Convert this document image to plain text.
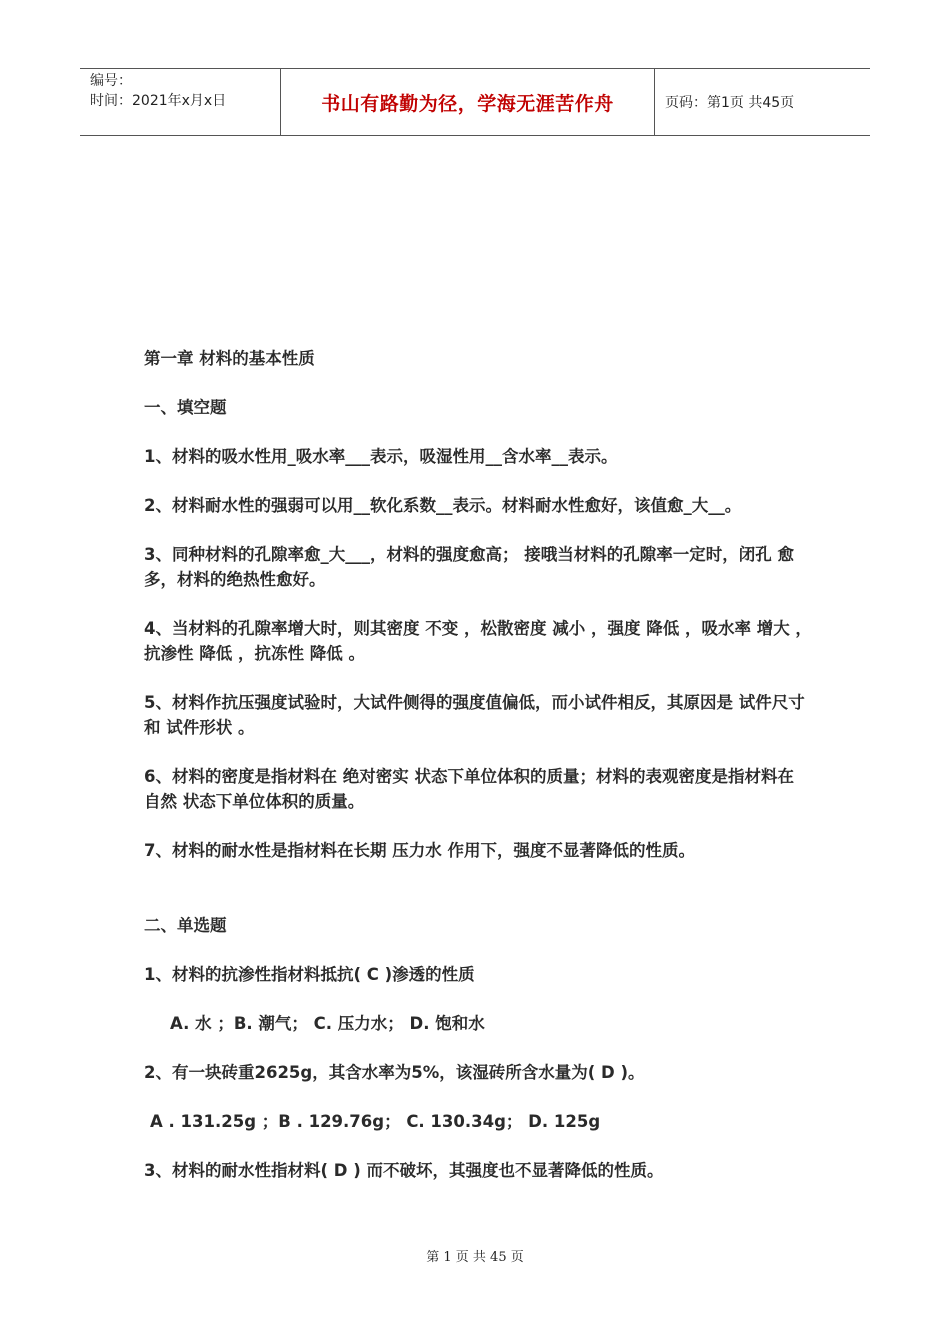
编号：
时间：2021年x月x日	书山有路勤为径，学海无涯苦作舟	页码：第1页 共45页

第一章 材料的基本性质

一、填空题

1、材料的吸水性用_吸水率___表示，吸湿性用__含水率__表示。

2、材料耐水性的强弱可以用__软化系数__表示。材料耐水性愈好，该值愈_大__。

3、同种材料的孔隙率愈_大___，材料的强度愈高； 接哦当材料的孔隙率一定时，闭孔 愈多，材料的绝热性愈好。

4、当材料的孔隙率增大时，则其密度 不变 ，松散密度 减小 ，强度 降低 ，吸水率 增大 ，抗渗性 降低 ，抗冻性 降低 。

5、材料作抗压强度试验时，大试件侧得的强度值偏低，而小试件相反，其原因是 试件尺寸 和 试件形状 。

6、材料的密度是指材料在 绝对密实 状态下单位体积的质量；材料的表观密度是指材料在 自然 状态下单位体积的质量。

7、材料的耐水性是指材料在长期 压力水 作用下，强度不显著降低的性质。

二、单选题

1、材料的抗渗性指材料抵抗( C )渗透的性质

A. 水 ；B. 潮气； C. 压力水； D. 饱和水

2、有一块砖重2625g，其含水率为5%，该湿砖所含水量为( D )。

A . 131.25g ；B . 129.76g； C. 130.34g； D. 125g

3、材料的耐水性指材料( D ) 而不破坏，其强度也不显著降低的性质。

第 1 页 共 45 页
